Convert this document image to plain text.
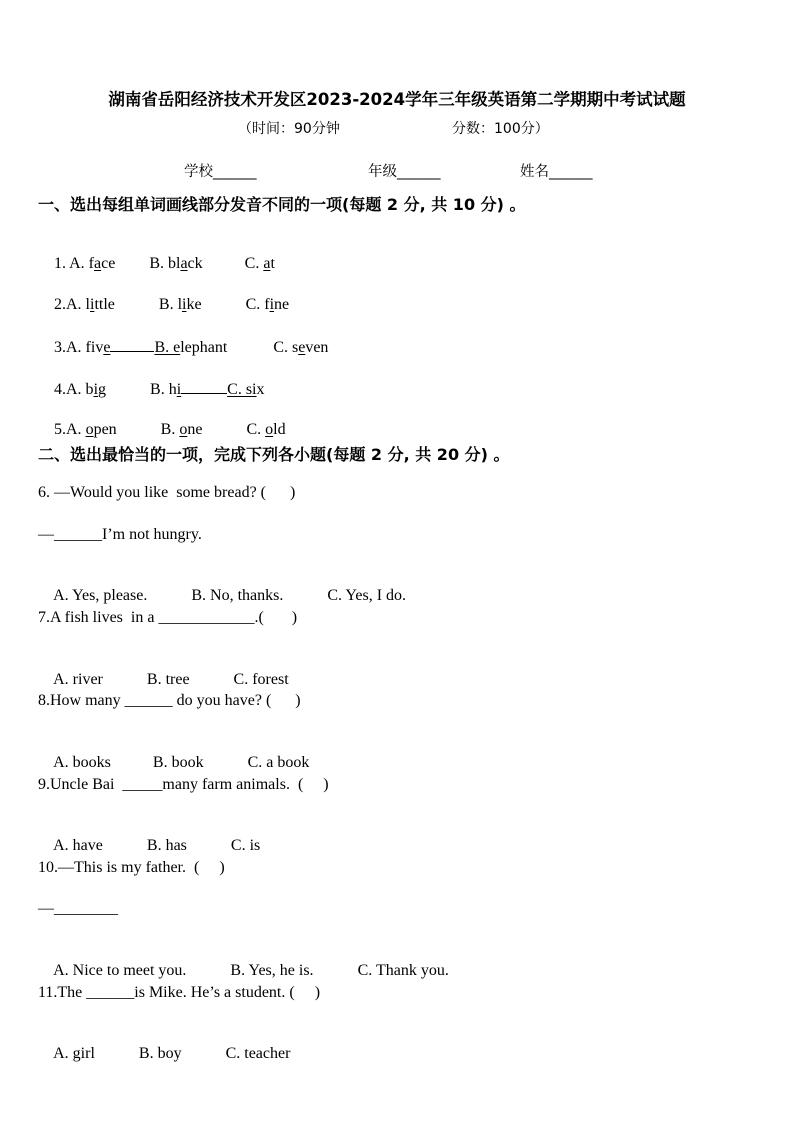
湖南省岳阳经济技术开发区2023-2024学年三年级英语第二学期期中考试试题
（时间：90分钟	分数：100分）
学校______	年级______	姓名______
一、选出每组单词画线部分发音不同的一项(每题 2 分, 共 10 分) 。

1. A. face B. black	C. at

2.A. little	B. like	C. fine

3.A. five	B. elephant	C. seven

4.A. big	B. hi	C. six

5.A. open	B. one	C. old

二、选出最恰当的一项，完成下列各小题(每题 2 分, 共 20 分) 。
6. —Would you like  some bread? (      )
—______I’m not hungry.

A. Yes, please.	B. No, thanks.	C. Yes, I do.

7.A fish lives  in a ____________.(       )

A. river	B. tree	C. forest

8.How many ______ do you have? (      )

A. books	B. book	C. a book

9.Uncle Bai  _____many farm animals.  (     )

A. have	B. has	C. is

10.—This is my father.  (     )
—________

A. Nice to meet you.	B. Yes, he is.	C. Thank you.

11.The ______is Mike. He’s a student. (     )

A. girl	B. boy	C. teacher
